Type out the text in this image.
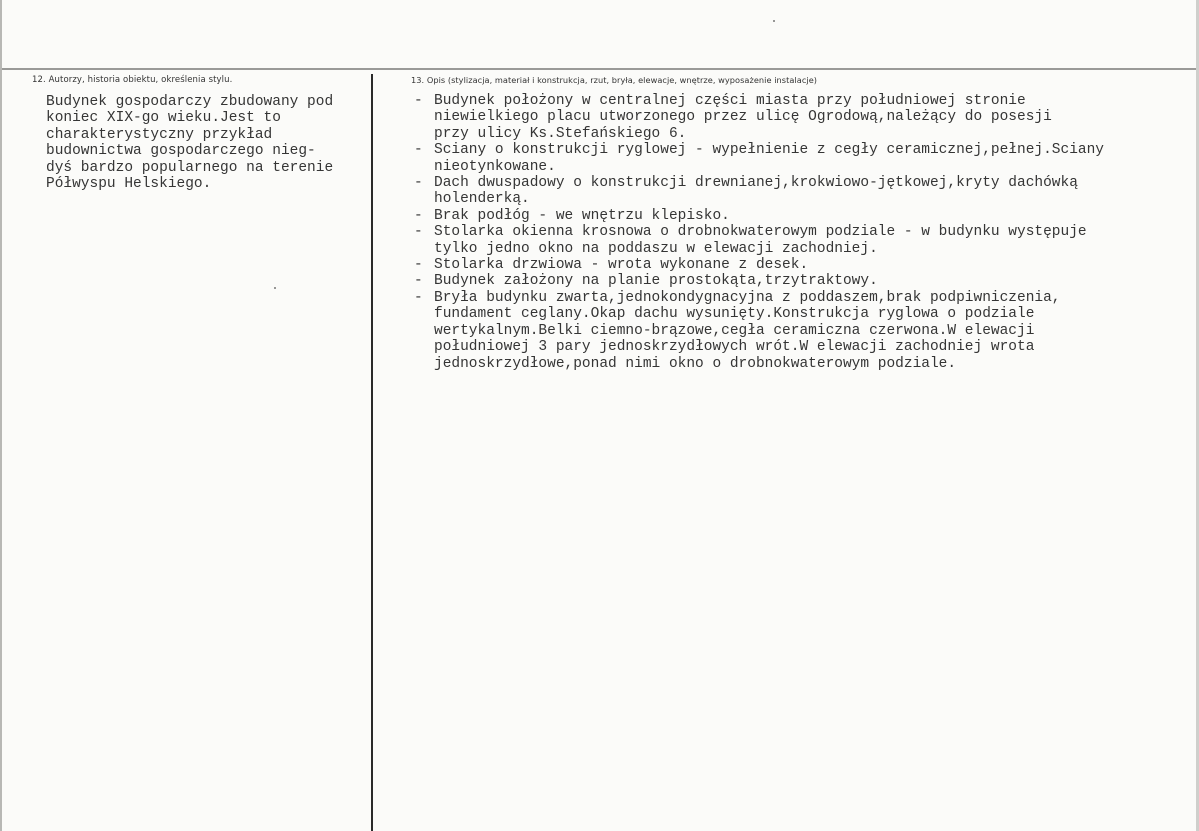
12. Autorzy, historia obiektu, określenia stylu.	13. Opis (stylizacja, materiał i konstrukcja, rzut, bryła, elewacje, wnętrze, wyposażenie instalacje)
Budynek gospodarczy zbudowany pod
koniec XIX-go wieku.Jest to
charakterystyczny przykład
budownictwa gospodarczego nieg-
dyś bardzo popularnego na terenie
Półwyspu Helskiego.
- Budynek położony w centralnej części miasta przy południowej stronie
niewielkiego placu utworzonego przez ulicę Ogrodową,należący do posesji
przy ulicy Ks.Stefańskiego 6.
- Sciany o konstrukcji ryglowej - wypełnienie z cegły ceramicznej,pełnej.Sciany
nieotynkowane.
- Dach dwuspadowy o konstrukcji drewnianej,krokwiowo-jętkowej,kryty dachówką
holenderką.
- Brak podłóg - we wnętrzu klepisko.
- Stolarka okienna krosnowa o drobnokwaterowym podziale - w budynku występuje
tylko jedno okno na poddaszu w elewacji zachodniej.
- Stolarka drzwiowa - wrota wykonane z desek.
- Budynek założony na planie prostokąta,trzytraktowy.
- Bryła budynku zwarta,jednokondygnacyjna z poddaszem,brak podpiwniczenia,
fundament ceglany.Okap dachu wysunięty.Konstrukcja ryglowa o podziale
wertykalnym.Belki ciemno-brązowe,cegła ceramiczna czerwona.W elewacji
południowej 3 pary jednoskrzydłowych wrót.W elewacji zachodniej wrota
jednoskrzydłowe,ponad nimi okno o drobnokwaterowym podziale.
